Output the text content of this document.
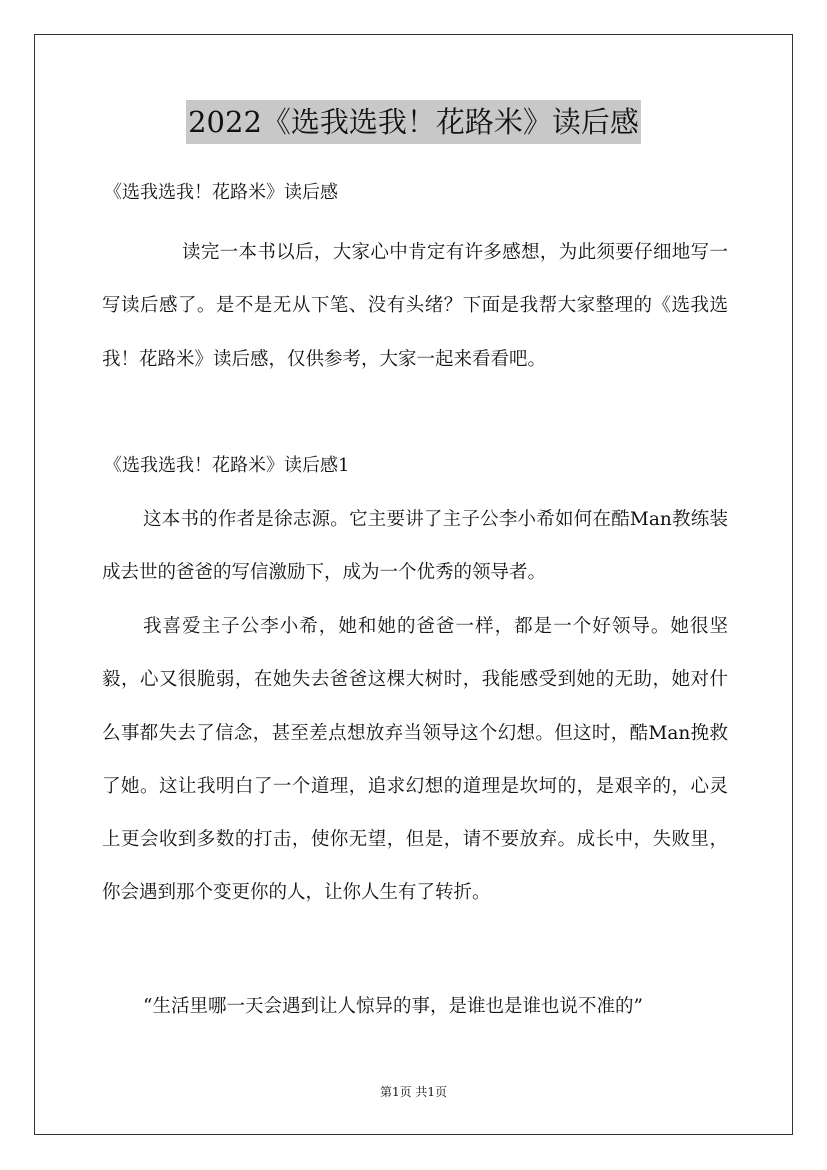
2022《选我选我！花路米》读后感
《选我选我！花路米》读后感

读完一本书以后，大家心中肯定有许多感想，为此须要仔细地写一写读后感了。是不是无从下笔、没有头绪？下面是我帮大家整理的《选我选我！花路米》读后感，仅供参考，大家一起来看看吧。

《选我选我！花路米》读后感1

这本书的作者是徐志源。它主要讲了主子公李小希如何在酷Man教练装成去世的爸爸的写信激励下，成为一个优秀的领导者。

我喜爱主子公李小希，她和她的爸爸一样，都是一个好领导。她很坚毅，心又很脆弱，在她失去爸爸这棵大树时，我能感受到她的无助，她对什么事都失去了信念，甚至差点想放弃当领导这个幻想。但这时，酷Man挽救了她。这让我明白了一个道理，追求幻想的道理是坎坷的，是艰辛的，心灵上更会收到多数的打击，使你无望，但是，请不要放弃。成长中，失败里，你会遇到那个变更你的人，让你人生有了转折。

“生活里哪一天会遇到让人惊异的事，是谁也是谁也说不准的”

第1页 共1页
